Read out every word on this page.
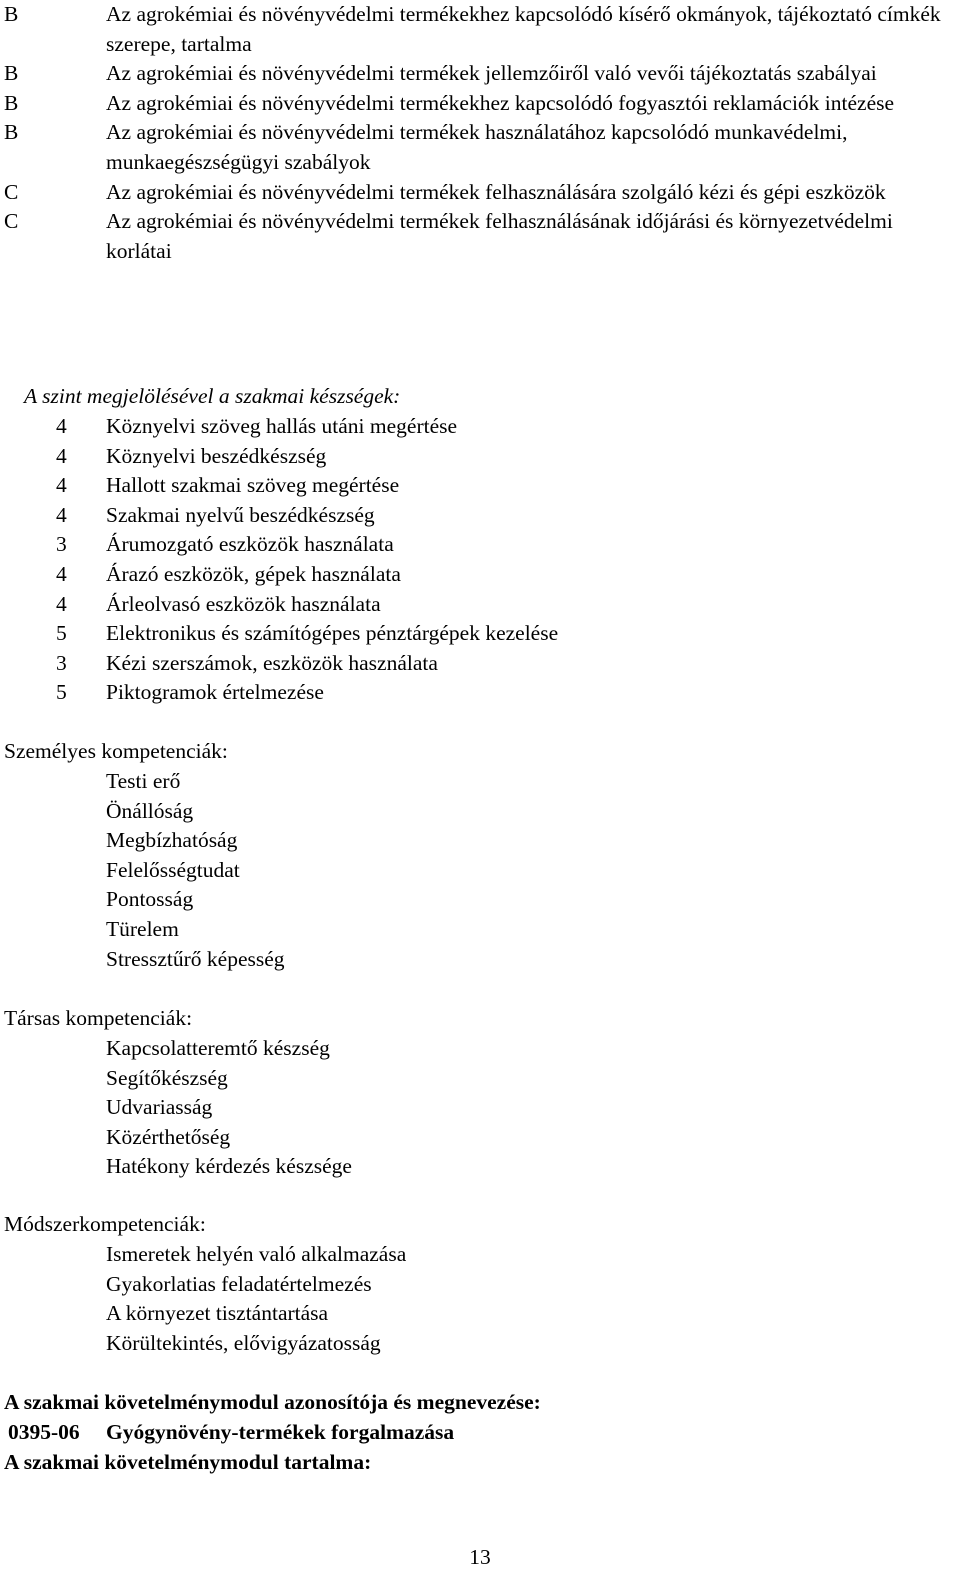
B	Az agrokémiai és növényvédelmi termékekhez kapcsolódó kísérő okmányok, tájékoztató címkék szerepe, tartalma
B	Az agrokémiai és növényvédelmi termékek jellemzőiről való vevői tájékoztatás szabályai
B	Az agrokémiai és növényvédelmi termékekhez kapcsolódó fogyasztói reklamációk intézése
B	Az agrokémiai és növényvédelmi termékek használatához kapcsolódó munkavédelmi, munkaegészségügyi szabályok
C	Az agrokémiai és növényvédelmi termékek felhasználására szolgáló kézi és gépi eszközök
C	Az agrokémiai és növényvédelmi termékek felhasználásának időjárási és környezetvédelmi korlátai
A szint megjelölésével a szakmai készségek:
4	Köznyelvi szöveg hallás utáni megértése
4	Köznyelvi beszédkészség
4	Hallott szakmai szöveg megértése
4	Szakmai nyelvű beszédkészség
3	Árumozgató eszközök használata
4	Árazó eszközök, gépek használata
4	Árleolvasó eszközök használata
5	Elektronikus és számítógépes pénztárgépek kezelése
3	Kézi szerszámok, eszközök használata
5	Piktogramok értelmezése
Személyes kompetenciák:
Testi erő
Önállóság
Megbízhatóság
Felelősségtudat
Pontosság
Türelem
Stressztűrő képesség
Társas kompetenciák:
Kapcsolatteremtő készség
Segítőkészség
Udvariasság
Közérthetőség
Hatékony kérdezés készsége
Módszerkompetenciák:
Ismeretek helyén való alkalmazása
Gyakorlatias feladatértelmezés
A környezet tisztántartása
Körültekintés, elővigyázatosság
A szakmai követelménymodul azonosítója és megnevezése:
0395-06	Gyógynövény-termékek forgalmazása
A szakmai követelménymodul tartalma:
13
